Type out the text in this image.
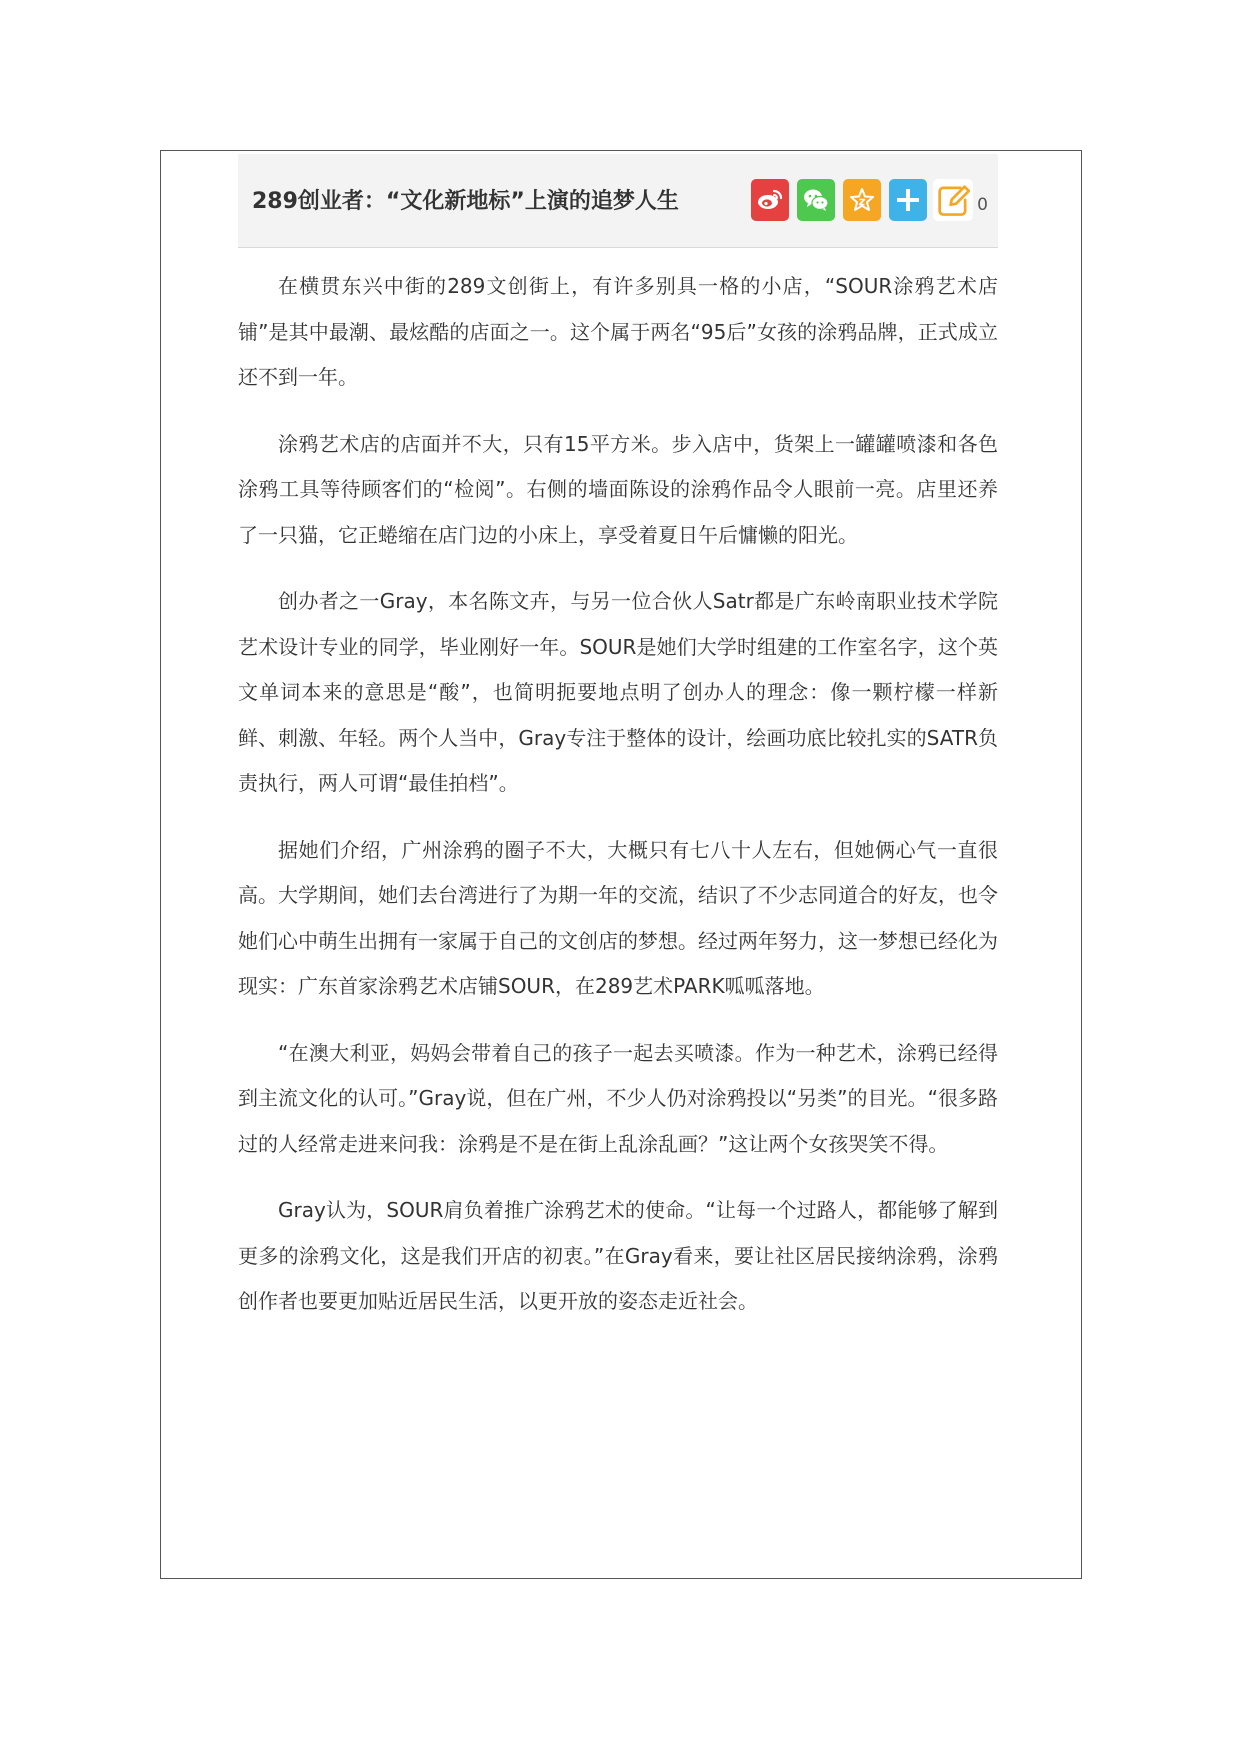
289创业者：“文化新地标”上演的追梦人生	0

在横贯东兴中街的289文创街上，有许多别具一格的小店，“SOUR涂鸦艺术店铺”是其中最潮、最炫酷的店面之一。这个属于两名“95后”女孩的涂鸦品牌，正式成立还不到一年。

涂鸦艺术店的店面并不大，只有15平方米。步入店中，货架上一罐罐喷漆和各色涂鸦工具等待顾客们的“检阅”。右侧的墙面陈设的涂鸦作品令人眼前一亮。店里还养了一只猫，它正蜷缩在店门边的小床上，享受着夏日午后慵懒的阳光。

创办者之一Gray，本名陈文卉，与另一位合伙人Satr都是广东岭南职业技术学院艺术设计专业的同学，毕业刚好一年。SOUR是她们大学时组建的工作室名字，这个英文单词本来的意思是“酸”，也简明扼要地点明了创办人的理念：像一颗柠檬一样新鲜、刺激、年轻。两个人当中，Gray专注于整体的设计，绘画功底比较扎实的SATR负责执行，两人可谓“最佳拍档”。

据她们介绍，广州涂鸦的圈子不大，大概只有七八十人左右，但她俩心气一直很高。大学期间，她们去台湾进行了为期一年的交流，结识了不少志同道合的好友，也令她们心中萌生出拥有一家属于自己的文创店的梦想。经过两年努力，这一梦想已经化为现实：广东首家涂鸦艺术店铺SOUR，在289艺术PARK呱呱落地。

“在澳大利亚，妈妈会带着自己的孩子一起去买喷漆。作为一种艺术，涂鸦已经得到主流文化的认可。”Gray说，但在广州，不少人仍对涂鸦投以“另类”的目光。“很多路过的人经常走进来问我：涂鸦是不是在街上乱涂乱画？”这让两个女孩哭笑不得。

Gray认为，SOUR肩负着推广涂鸦艺术的使命。“让每一个过路人，都能够了解到更多的涂鸦文化，这是我们开店的初衷。”在Gray看来，要让社区居民接纳涂鸦，涂鸦创作者也要更加贴近居民生活，以更开放的姿态走近社会。
